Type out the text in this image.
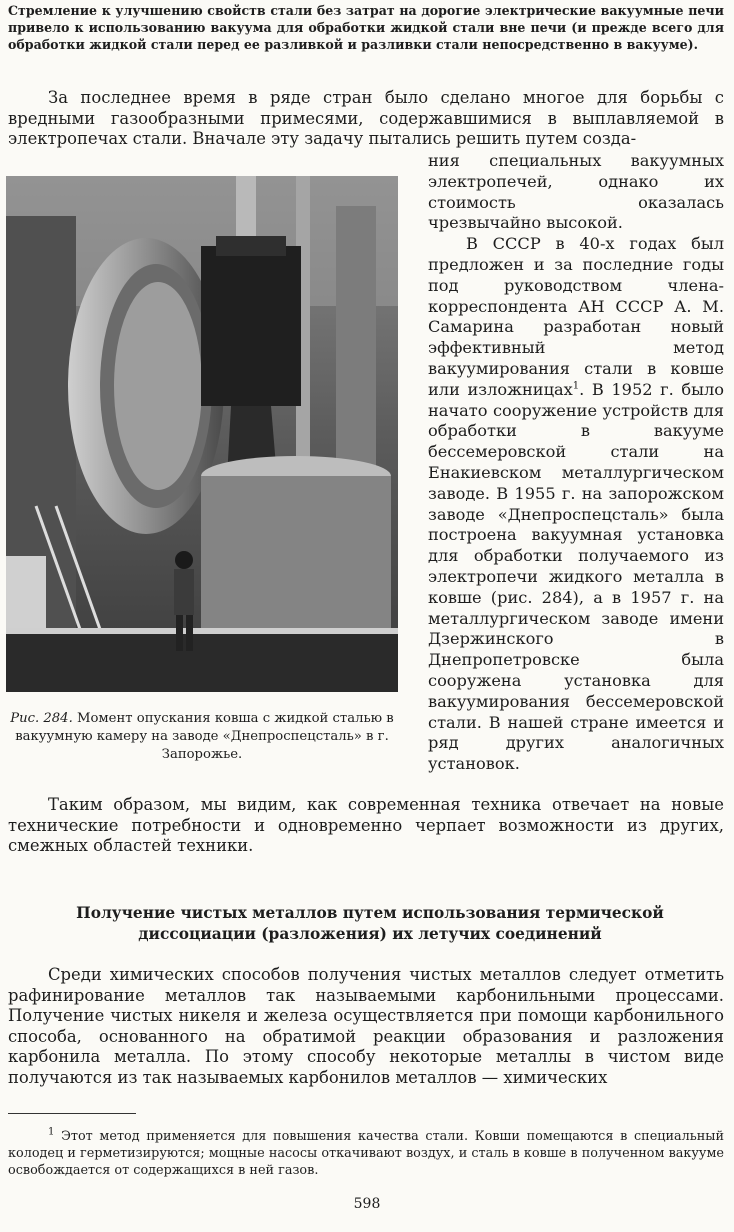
Стремление к улучшению свойств стали без затрат на дорогие электрические вакуумные печи привело к использованию вакуума для обработки жидкой стали вне печи (и прежде всего для обработки жидкой стали перед ее разливкой и разливки стали непосредственно в вакууме).

За последнее время в ряде стран было сделано многое для борьбы с вредными газообразными примесями, содержавшимися в выплавляемой в электропечах стали. Вначале эту задачу пытались решить путем созда-

ния специальных вакуумных электропечей, однако их стоимость оказалась чрезвычайно высокой.

В СССР в 40-х годах был предложен и за последние годы под руководством члена-корреспондента АН СССР А. М. Самарина разработан новый эффективный метод вакуумирования стали в ковше или изложницах$^1$. В 1952 г. было начато сооружение устройств для обработки в вакууме бессемеровской стали на Енакиевском металлургическом заводе. В 1955 г. на запорожском заводе «Днепроспецсталь» была построена вакуумная установка для обработки получаемого из электропечи жидкого металла в ковше (рис. 284), а в 1957 г. на металлургическом заводе имени Дзержинского в Днепропетровске была сооружена установка для вакуумирования бессемеровской стали. В нашей стране имеется и ряд других аналогичных установок.

Рис. 284. Момент опускания ковша с жидкой сталью в вакуумную камеру на заводе «Днепроспецсталь» в г. Запорожье.

Таким образом, мы видим, как современная техника отвечает на новые технические потребности и одновременно черпает возможности из других, смежных областей техники.

Получение чистых металлов путем использования термической диссоциации (разложения) их летучих соединений

Среди химических способов получения чистых металлов следует отметить рафинирование металлов так называемыми карбонильными процессами. Получение чистых никеля и железа осуществляется при помощи карбонильного способа, основанного на обратимой реакции образования и разложения карбонила металла. По этому способу некоторые металлы в чистом виде получаются из так называемых карбонилов металлов — химических

$^1$ Этот метод применяется для повышения качества стали. Ковши помещаются в специальный колодец и герметизируются; мощные насосы откачивают воздух, и сталь в ковше в полученном вакууме освобождается от содержащихся в ней газов.

598
